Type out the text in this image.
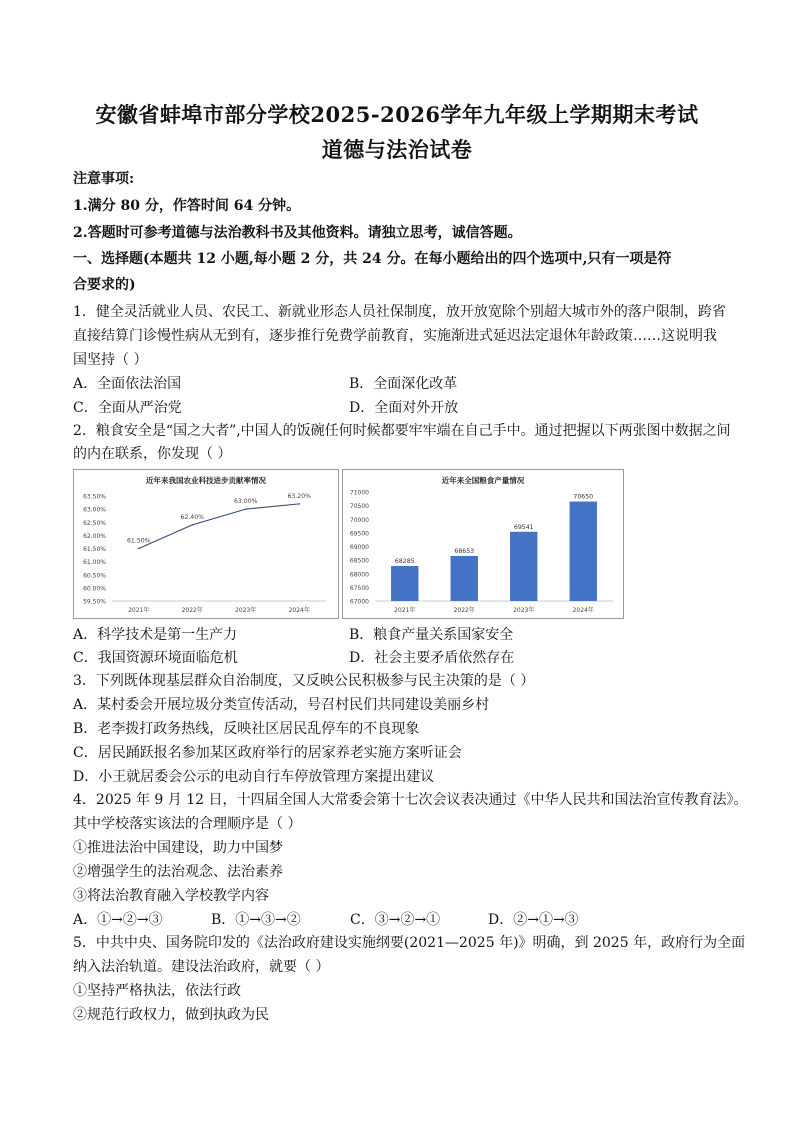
安徽省蚌埠市部分学校2025-2026学年九年级上学期期末考试
道德与法治试卷
注意事项:
1.满分 80 分，作答时间 64 分钟。
2.答题时可参考道德与法治教科书及其他资料。请独立思考，诚信答题。
一、选择题(本题共 12 小题,每小题 2 分，共 24 分。在每小题给出的四个选项中,只有一项是符
合要求的)
1．健全灵活就业人员、农民工、新就业形态人员社保制度，放开放宽除个别超大城市外的落户限制，跨省
直接结算门诊慢性病从无到有，逐步推行免费学前教育，实施渐进式延迟法定退休年龄政策……这说明我
国坚持（ ）
A．全面依法治国	B．全面深化改革
C．全面从严治党	D．全面对外开放
2．粮食安全是“国之大者”,中国人的饭碗任何时候都要牢牢端在自己手中。通过把握以下两张图中数据之间
的内在联系，你发现（ ）
近年来我国农业科技进步贡献率情况
63.50%
63.00%
62.50%
62.00%
61.50%
61.00%
60.50%
60.00%
59.50%
2021年	2022年	2023年	2024年
61.50%
62.40%
63.00%
63.20%
近年来全国粮食产量情况
71000
70500
70000
69500
69000
68500
68000
67500
67000
2021年	2022年	2023年	2024年
68285
68653
69541
70650
A．科学技术是第一生产力	B．粮食产量关系国家安全
C．我国资源环境面临危机	D．社会主要矛盾依然存在
3．下列既体现基层群众自治制度，又反映公民积极参与民主决策的是（ ）
A．某村委会开展垃圾分类宣传活动，号召村民们共同建设美丽乡村
B．老李拨打政务热线，反映社区居民乱停车的不良现象
C．居民踊跃报名参加某区政府举行的居家养老实施方案听证会
D．小王就居委会公示的电动自行车停放管理方案提出建议
4．2025 年 9 月 12 日，十四届全国人大常委会第十七次会议表决通过《中华人民共和国法治宣传教育法》。
其中学校落实该法的合理顺序是（ ）
①推进法治中国建设，助力中国梦
②增强学生的法治观念、法治素养
③将法治教育融入学校教学内容
A．①→②→③	B．①→③→②	C．③→②→①	D．②→①→③
5．中共中央、国务院印发的《法治政府建设实施纲要(2021—2025 年)》明确，到 2025 年，政府行为全面
纳入法治轨道。建设法治政府，就要（ ）
①坚持严格执法，依法行政
②规范行政权力，做到执政为民
